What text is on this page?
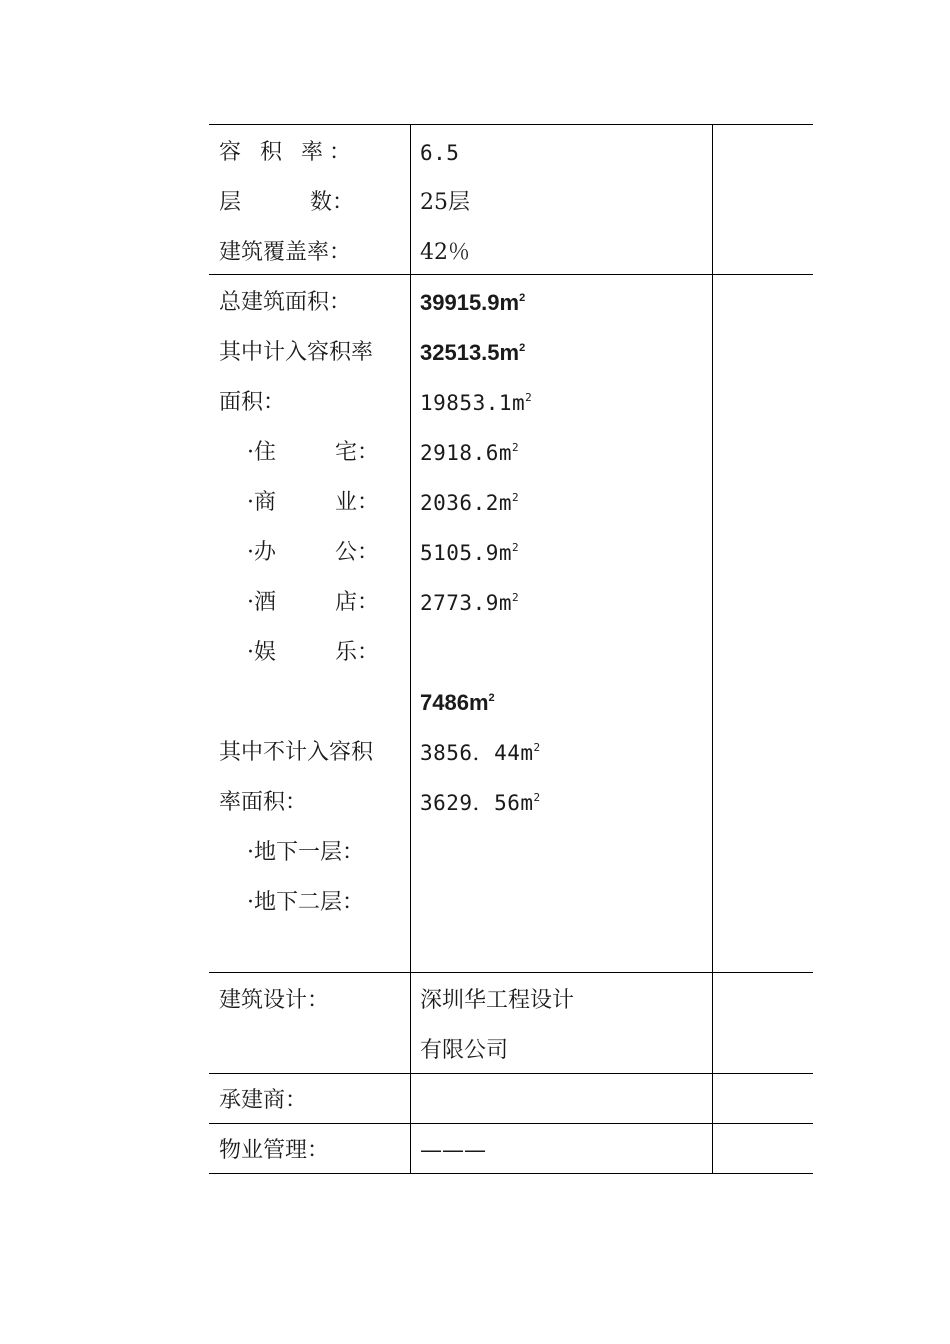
容 积 率：
层 数：
建筑覆盖率：
6.5
25层
42％
总建筑面积：
其中计入容积率
面积：
·住 宅：
·商 业：
·办 公：
·酒 店：
·娱 乐：
其中不计入容积
率面积：
·地下一层：
·地下二层：
$39915.9m^2$
$32513.5m^2$
$19853.1m^2$
$2918.6m^2$
$2036.2m^2$
$5105.9m^2$
$2773.9m^2$
$7486m^2$
3856．$44m^2$
3629．$56m^2$
建筑设计：	深圳华工程设计
有限公司
承建商：
物业管理：	———
